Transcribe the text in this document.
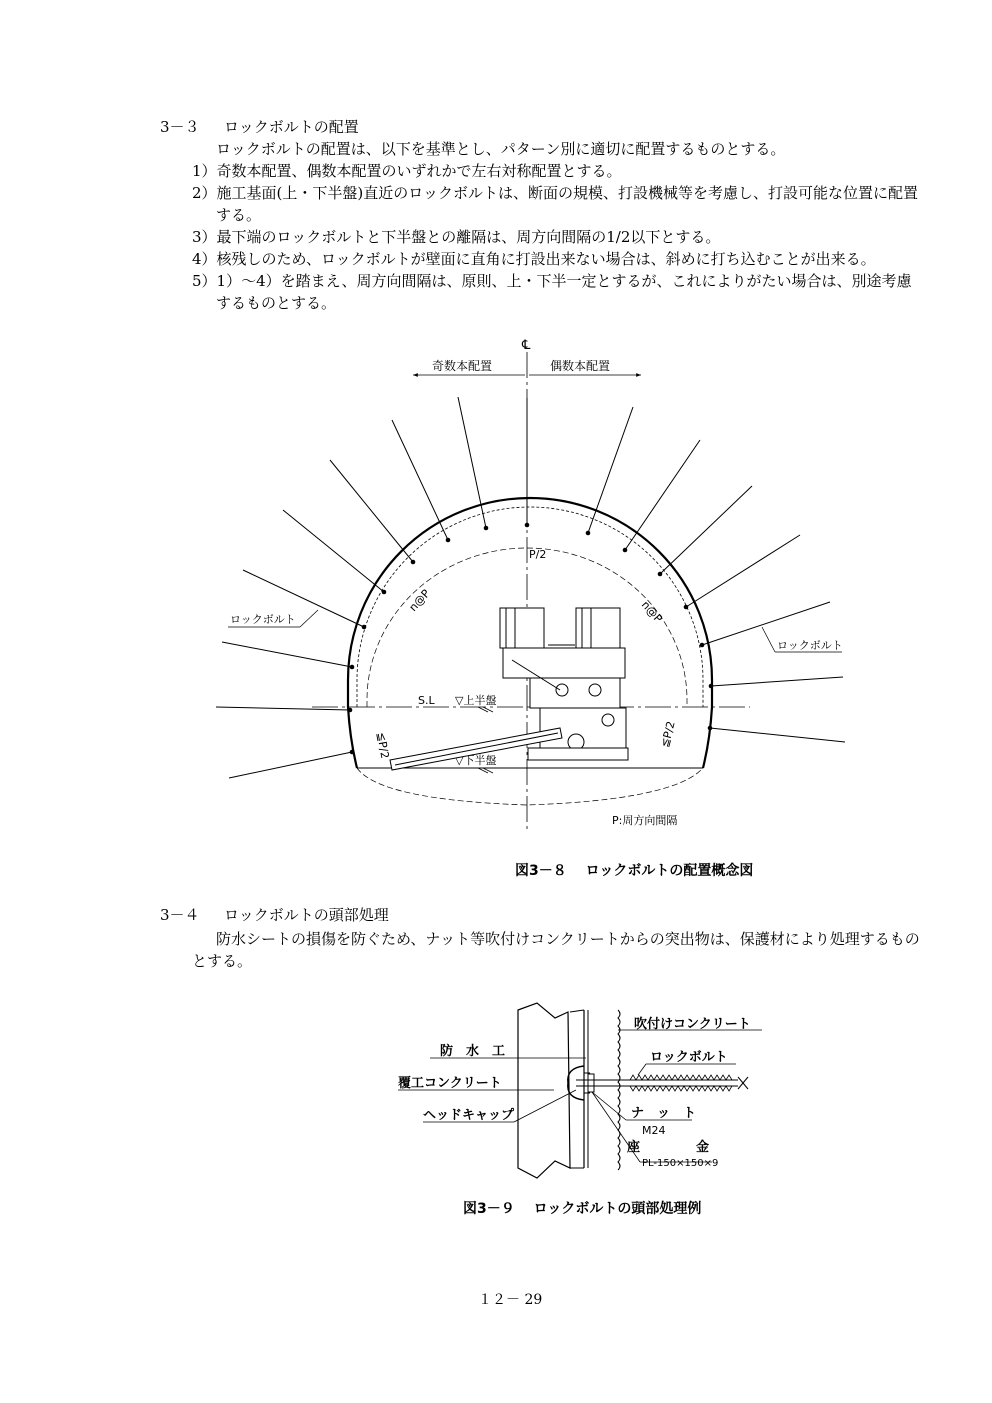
3－３ ロックボルトの配置
ロックボルトの配置は、以下を基準とし、パターン別に適切に配置するものとする。
1）奇数本配置、偶数本配置のいずれかで左右対称配置とする。
2）施工基面(上・下半盤)直近のロックボルトは、断面の規模、打設機械等を考慮し、打設可能な位置に配置
する。
3）最下端のロックボルトと下半盤との離隔は、周方向間隔の1/2以下とする。
4）核残しのため、ロックボルトが壁面に直角に打設出来ない場合は、斜めに打ち込むことが出来る。
5）1）～4）を踏まえ、周方向間隔は、原則、上・下半一定とするが、これによりがたい場合は、別途考慮
するものとする。
℄
奇数本配置	偶数本配置
P/2
n@P	n@P
S.L ▽上半盤
▽下半盤
≦P/2	≦P/2
ロックボルト
ロックボルト
P:周方向間隔
図3－８　 ロックボルトの配置概念図
3－４ ロックボルトの頭部処理
防水シートの損傷を防ぐため、ナット等吹付けコンクリートからの突出物は、保護材により処理するもの
とする。
吹付けコンクリート
防　水　工	ロックボルト
覆工コンクリート
ヘッドキャップ	ナ　ッ　ト
M24
座	金
PL-150×150×9
図3－９　 ロックボルトの頭部処理例
１２－ 29
